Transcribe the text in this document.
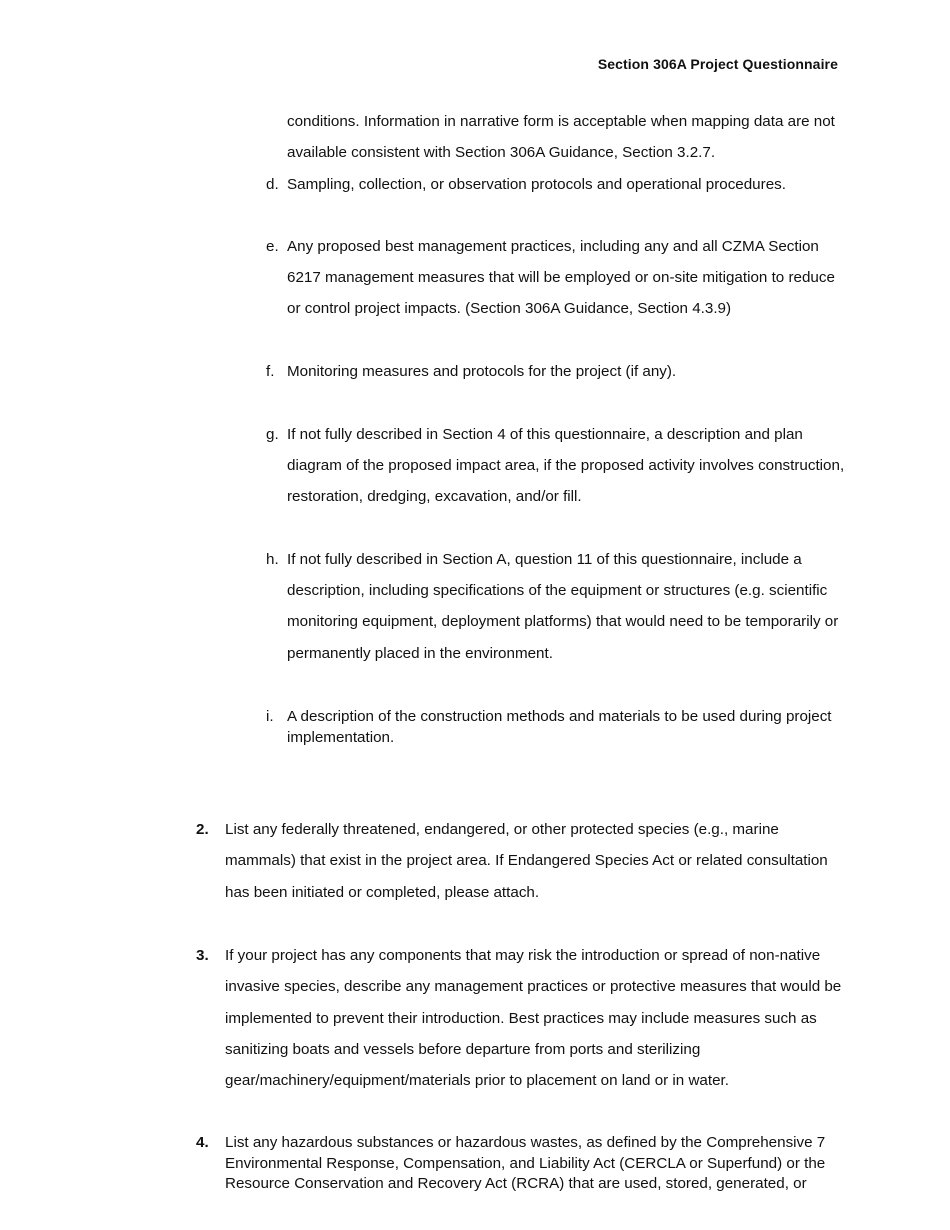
Section 306A Project Questionnaire
conditions. Information in narrative form is acceptable when mapping data are not available consistent with Section 306A Guidance, Section 3.2.7.
d. Sampling, collection, or observation protocols and operational procedures.
e. Any proposed best management practices, including any and all CZMA Section 6217 management measures that will be employed or on-site mitigation to reduce or control project impacts. (Section 306A Guidance, Section 4.3.9)
f. Monitoring measures and protocols for the project (if any).
g. If not fully described in Section 4 of this questionnaire, a description and plan diagram of the proposed impact area, if the proposed activity involves construction, restoration, dredging, excavation, and/or fill.
h. If not fully described in Section A, question 11 of this questionnaire, include a description, including specifications of the equipment or structures (e.g. scientific monitoring equipment, deployment platforms) that would need to be temporarily or permanently placed in the environment.
i. A description of the construction methods and materials to be used during project implementation.
2. List any federally threatened, endangered, or other protected species (e.g., marine mammals) that exist in the project area. If Endangered Species Act or related consultation has been initiated or completed, please attach.
3. If your project has any components that may risk the introduction or spread of non-native invasive species, describe any management practices or protective measures that would be implemented to prevent their introduction. Best practices may include measures such as sanitizing boats and vessels before departure from ports and sterilizing gear/machinery/equipment/materials prior to placement on land or in water.
4. List any hazardous substances or hazardous wastes, as defined by the Comprehensive 7 Environmental Response, Compensation, and Liability Act (CERCLA or Superfund) or the Resource Conservation and Recovery Act (RCRA) that are used, stored, generated, or
